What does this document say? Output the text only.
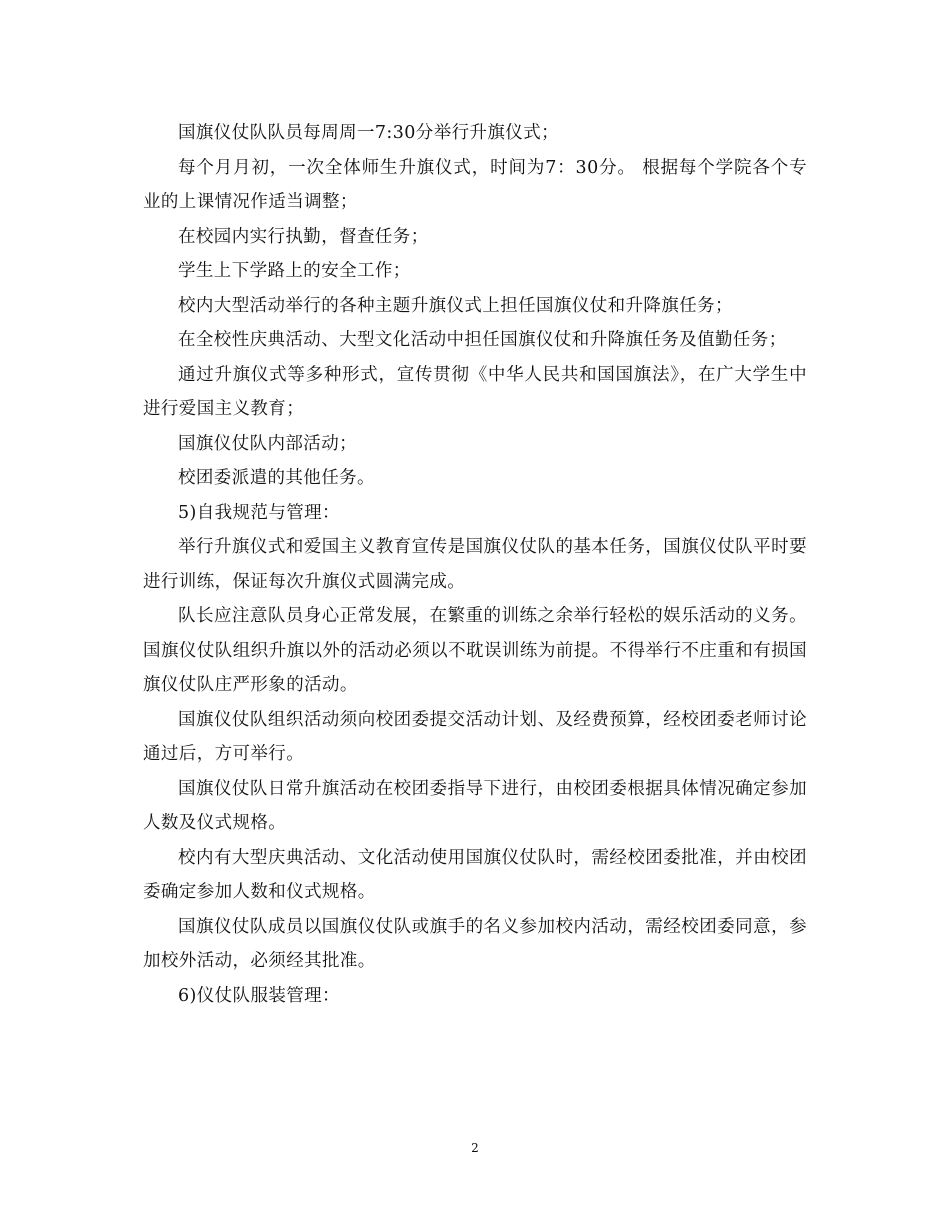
国旗仪仗队队员每周周一7:30分举行升旗仪式；

每个月月初，一次全体师生升旗仪式，时间为7：30分。 根据每个学院各个专业的上课情况作适当调整；

在校园内实行执勤，督查任务；

学生上下学路上的安全工作；

校内大型活动举行的各种主题升旗仪式上担任国旗仪仗和升降旗任务；

在全校性庆典活动、大型文化活动中担任国旗仪仗和升降旗任务及值勤任务；

通过升旗仪式等多种形式，宣传贯彻《中华人民共和国国旗法》，在广大学生中进行爱国主义教育；

国旗仪仗队内部活动；

校团委派遣的其他任务。

5)自我规范与管理：

举行升旗仪式和爱国主义教育宣传是国旗仪仗队的基本任务，国旗仪仗队平时要进行训练，保证每次升旗仪式圆满完成。

队长应注意队员身心正常发展，在繁重的训练之余举行轻松的娱乐活动的义务。国旗仪仗队组织升旗以外的活动必须以不耽误训练为前提。不得举行不庄重和有损国旗仪仗队庄严形象的活动。

国旗仪仗队组织活动须向校团委提交活动计划、及经费预算，经校团委老师讨论通过后，方可举行。

国旗仪仗队日常升旗活动在校团委指导下进行，由校团委根据具体情况确定参加人数及仪式规格。

校内有大型庆典活动、文化活动使用国旗仪仗队时，需经校团委批准，并由校团委确定参加人数和仪式规格。

国旗仪仗队成员以国旗仪仗队或旗手的名义参加校内活动，需经校团委同意，参加校外活动，必须经其批准。

6)仪仗队服装管理：

2
